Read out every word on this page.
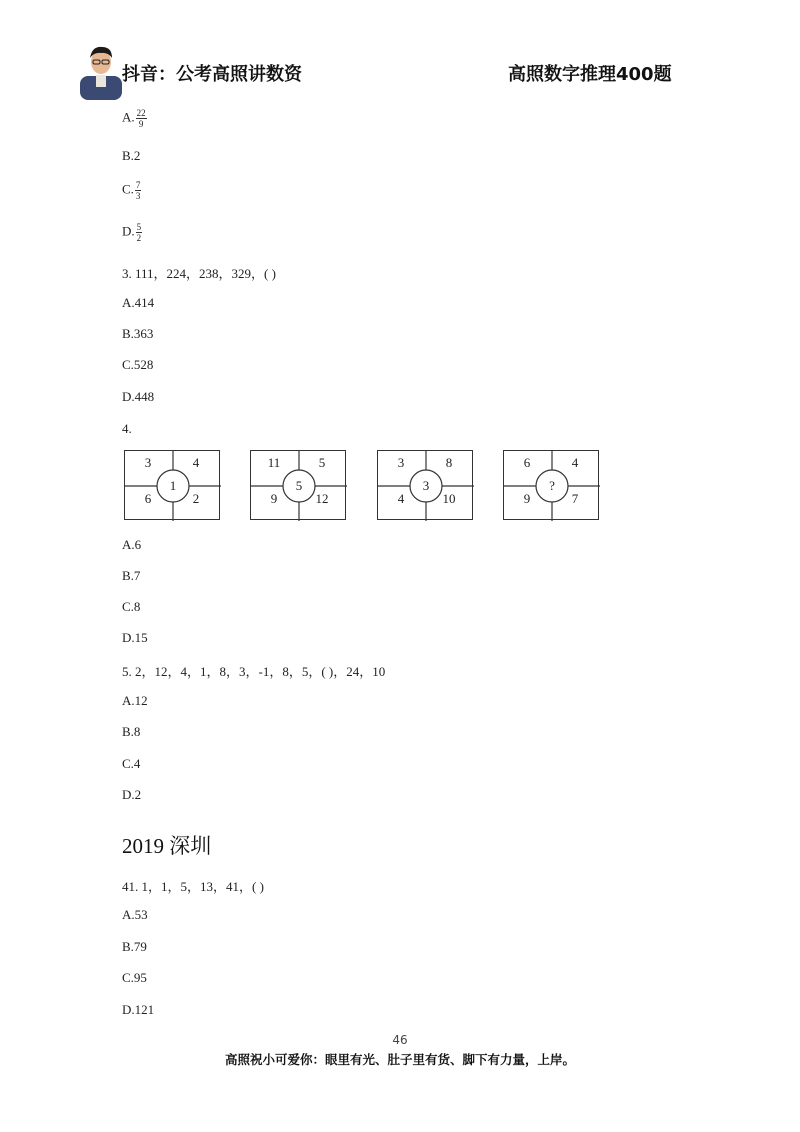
抖音：公考高照讲数资	高照数字推理400题
A. $\frac{22}{9}$
B.2
C. $\frac{7}{3}$
D. $\frac{5}{2}$
3. 111，224，238，329，( )
A.414
B.363
C.528
D.448
4.
3	4
6	2
1
11	5
9	12
5
3	8
4	10
3
6	4
9	7
?
A.6
B.7
C.8
D.15
5. 2，12，4，1，8，3，-1，8，5，( )，24，10
A.12
B.8
C.4
D.2
2019 深圳
41. 1，1，5，13，41，( )
A.53
B.79
C.95
D.121
46
高照祝小可爱你：眼里有光、肚子里有货、脚下有力量，上岸。
